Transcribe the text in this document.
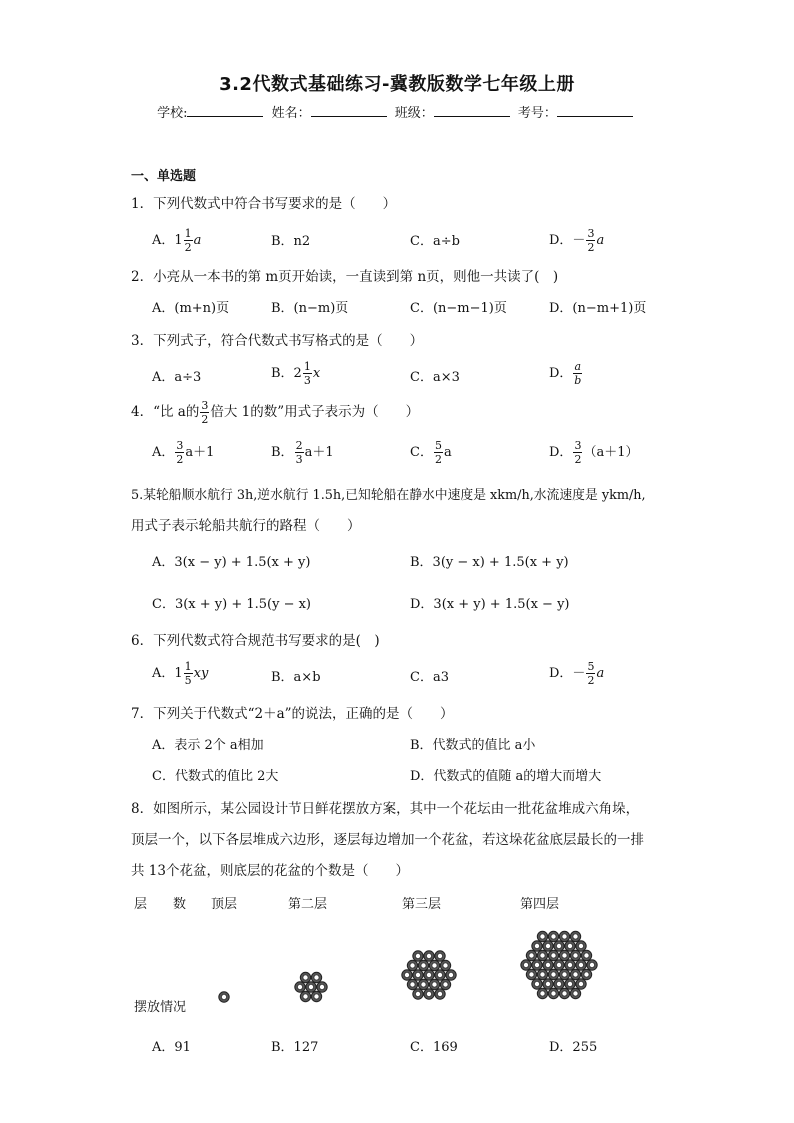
3.2代数式基础练习-冀教版数学七年级上册
学校:	姓名：	班级：	考号：
一、单选题
1．下列代数式中符合书写要求的是（　　）
A．$1 \frac{1}{2}$ a	B．n2	C．a÷b	D．－ $\frac{3}{2}$ a
2．小亮从一本书的第 m页开始读，一直读到第 n页，则他一共读了(　)
A．(m+n)页	B．(n−m)页	C．(n−m−1)页	D．(n−m+1)页
3．下列式子，符合代数式书写格式的是（　　）
A．a÷3	B．$2 \frac{1}{3}$ x	C．a×3	D． $\frac{a}{b}$
4．“比 a的 $\frac{3}{2}$ 倍大 1的数”用式子表示为（　　）
A． $\frac{3}{2} a+1$	B． $\frac{2}{3} a+1$	C． $\frac{5}{2}$ a	D． $\frac{3}{2} (a+1)$
5.某轮船顺水航行 3h,逆水航行 1.5h,已知轮船在静水中速度是 xkm/h,水流速度是 ykm/h,
用式子表示轮船共航行的路程（　　）
A．3(x − y) + 1.5(x + y)	B．3(y − x) + 1.5(x + y)
C．3(x + y) + 1.5(y − x)	D．3(x + y) + 1.5(x − y)
6．下列代数式符合规范书写要求的是(　)
A．$1 \frac{1}{5}$ xy	B．a×b	C．a3	D．－ $\frac{5}{2}$ a
7．下列关于代数式“2＋a”的说法，正确的是（　　）
A．表示 2个 a相加	B．代数式的值比 a小
C．代数式的值比 2大	D．代数式的值随 a的增大而增大
8．如图所示，某公园设计节日鲜花摆放方案，其中一个花坛由一批花盆堆成六角垛，
顶层一个，以下各层堆成六边形，逐层每边增加一个花盆，若这垛花盆底层最长的一排
共 13个花盆，则底层的花盆的个数是（　　）
层　　数 顶层	第二层	第三层	第四层
摆放情况
A．91	B．127	C．169	D．255
